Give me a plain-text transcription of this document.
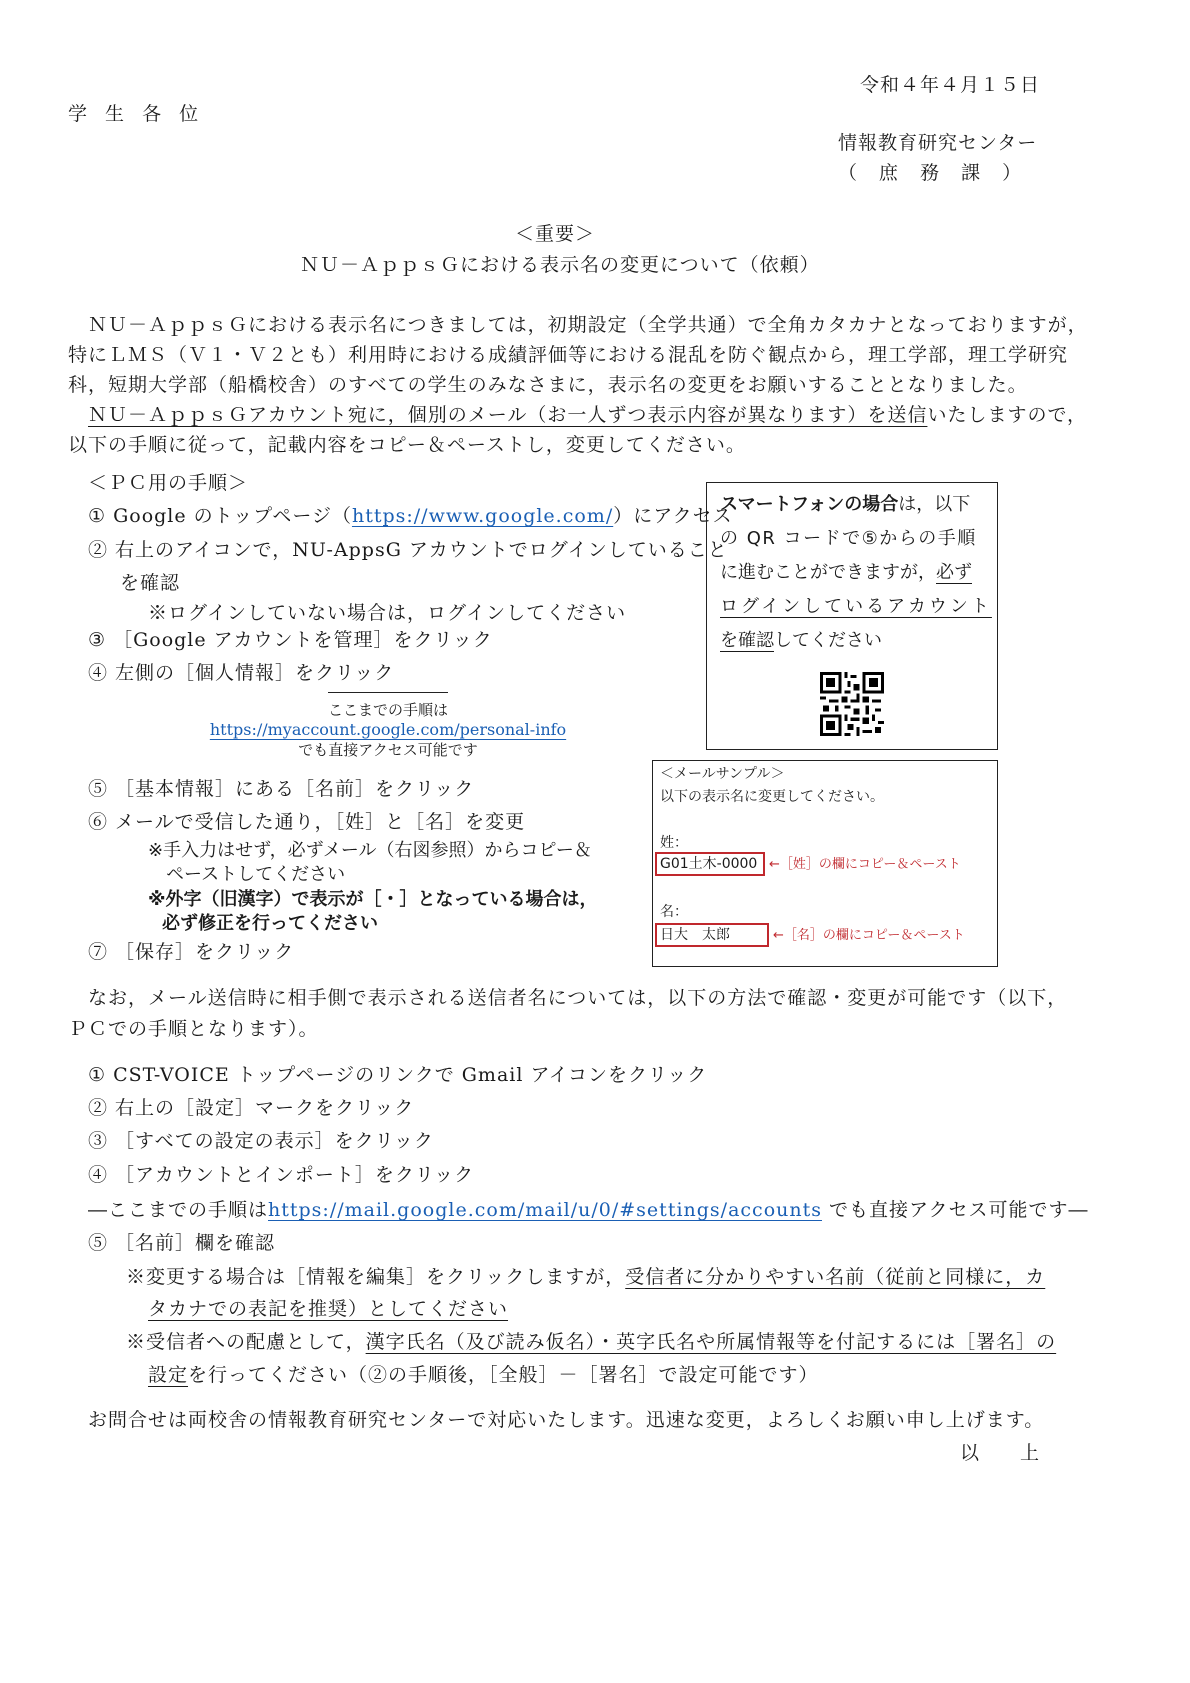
令和４年４月１５日
学 生 各 位
情報教育研究センター
（ 庶 務 課 ）
＜重要＞
ＮＵ－ＡｐｐｓＧにおける表示名の変更について（依頼）
ＮＵ－ＡｐｐｓＧにおける表示名につきましては，初期設定（全学共通）で全角カタカナとなっておりますが，
特にＬＭＳ（Ｖ１・Ｖ２とも）利用時における成績評価等における混乱を防ぐ観点から，理工学部，理工学研究
科，短期大学部（船橋校舎）のすべての学生のみなさまに，表示名の変更をお願いすることとなりました。
ＮＵ－ＡｐｐｓＧアカウント宛に，個別のメール（お一人ずつ表示内容が異なります）を送信いたしますので，
以下の手順に従って，記載内容をコピー＆ペーストし，変更してください。
＜ＰＣ用の手順＞
① Google のトップページ（https://www.google.com/）にアクセス
② 右上のアイコンで，NU-AppsG アカウントでログインしていること
を確認
※ログインしていない場合は，ログインしてください
③ ［Google アカウントを管理］をクリック
④ 左側の［個人情報］をクリック
ここまでの手順は
https://myaccount.google.com/personal-info
でも直接アクセス可能です
⑤ ［基本情報］にある［名前］をクリック
⑥ メールで受信した通り，［姓］と［名］を変更
※手入力はせず，必ずメール（右図参照）からコピー＆
ペーストしてください
※外字（旧漢字）で表示が［・］となっている場合は，
必ず修正を行ってください
⑦ ［保存］をクリック
スマートフォンの場合は，以下
の QR コードで⑤からの手順
に進むことができますが，必ず
ログインしているアカウント
を確認してください
＜メールサンプル＞
以下の表示名に変更してください。
姓：
G01土木-0000 ←［姓］の欄にコピー＆ペースト
名：
日大　太郎	←［名］の欄にコピー＆ペースト
なお，メール送信時に相手側で表示される送信者名については，以下の方法で確認・変更が可能です（以下，
ＰＣでの手順となります）。
① CST-VOICE トップページのリンクで Gmail アイコンをクリック
② 右上の［設定］マークをクリック
③ ［すべての設定の表示］をクリック
④ ［アカウントとインポート］をクリック
―ここまでの手順はhttps://mail.google.com/mail/u/0/#settings/accounts でも直接アクセス可能です―
⑤ ［名前］欄を確認
※変更する場合は［情報を編集］をクリックしますが，受信者に分かりやすい名前（従前と同様に，カ
タカナでの表記を推奨）としてください
※受信者への配慮として，漢字氏名（及び読み仮名）・英字氏名や所属情報等を付記するには［署名］の
設定を行ってください（②の手順後，［全般］－［署名］で設定可能です）
お問合せは両校舎の情報教育研究センターで対応いたします。迅速な変更，よろしくお願い申し上げます。
以　　上
